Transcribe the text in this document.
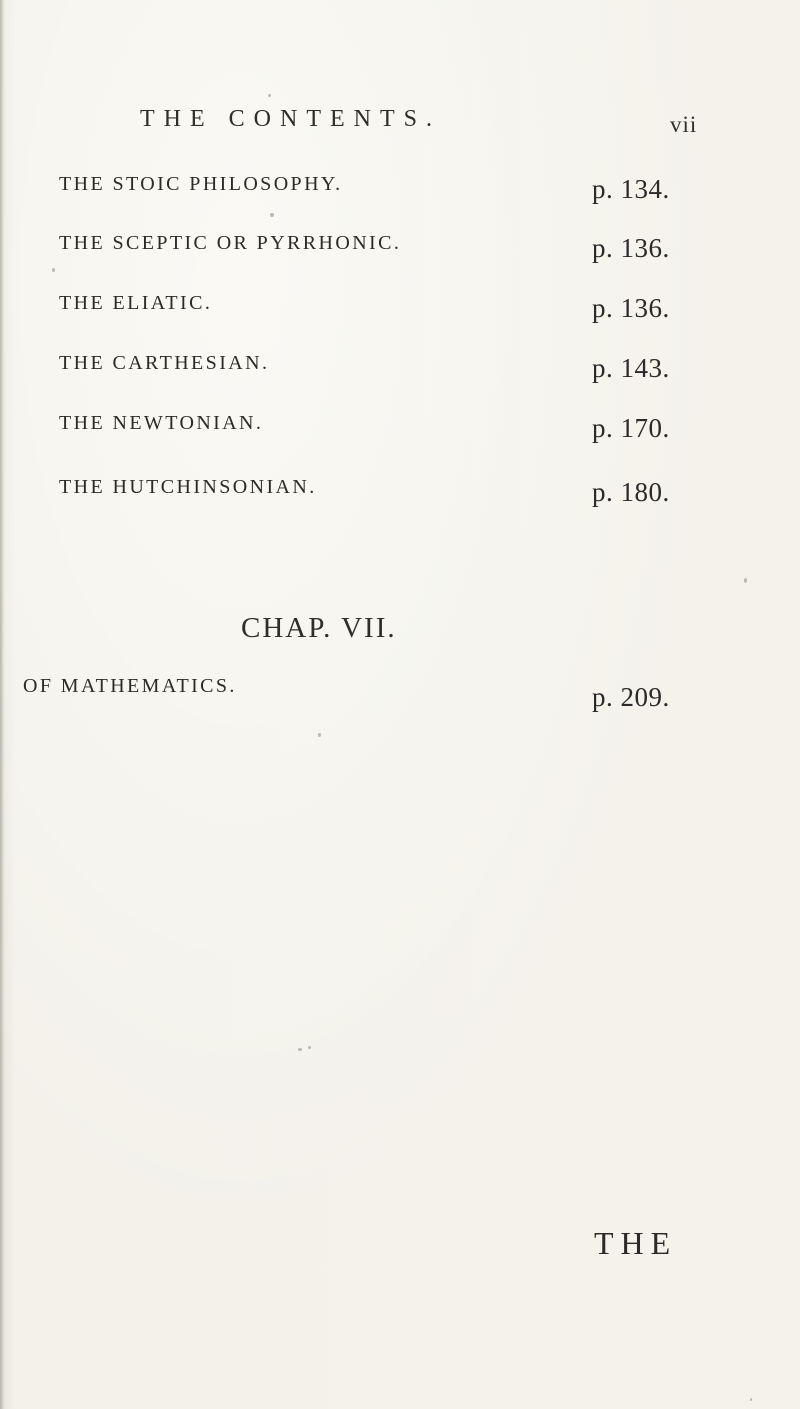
THE CONTENTS.	vii
THE STOIC PHILOSOPHY.	p. 134.
THE SCEPTIC OR PYRRHONIC.	p. 136.
THE ELIATIC.	p. 136.
THE CARTHESIAN.	p. 143.
THE NEWTONIAN.	p. 170.
THE HUTCHINSONIAN.	p. 180.
CHAP. VII.
OF MATHEMATICS.	p. 209.
THE
